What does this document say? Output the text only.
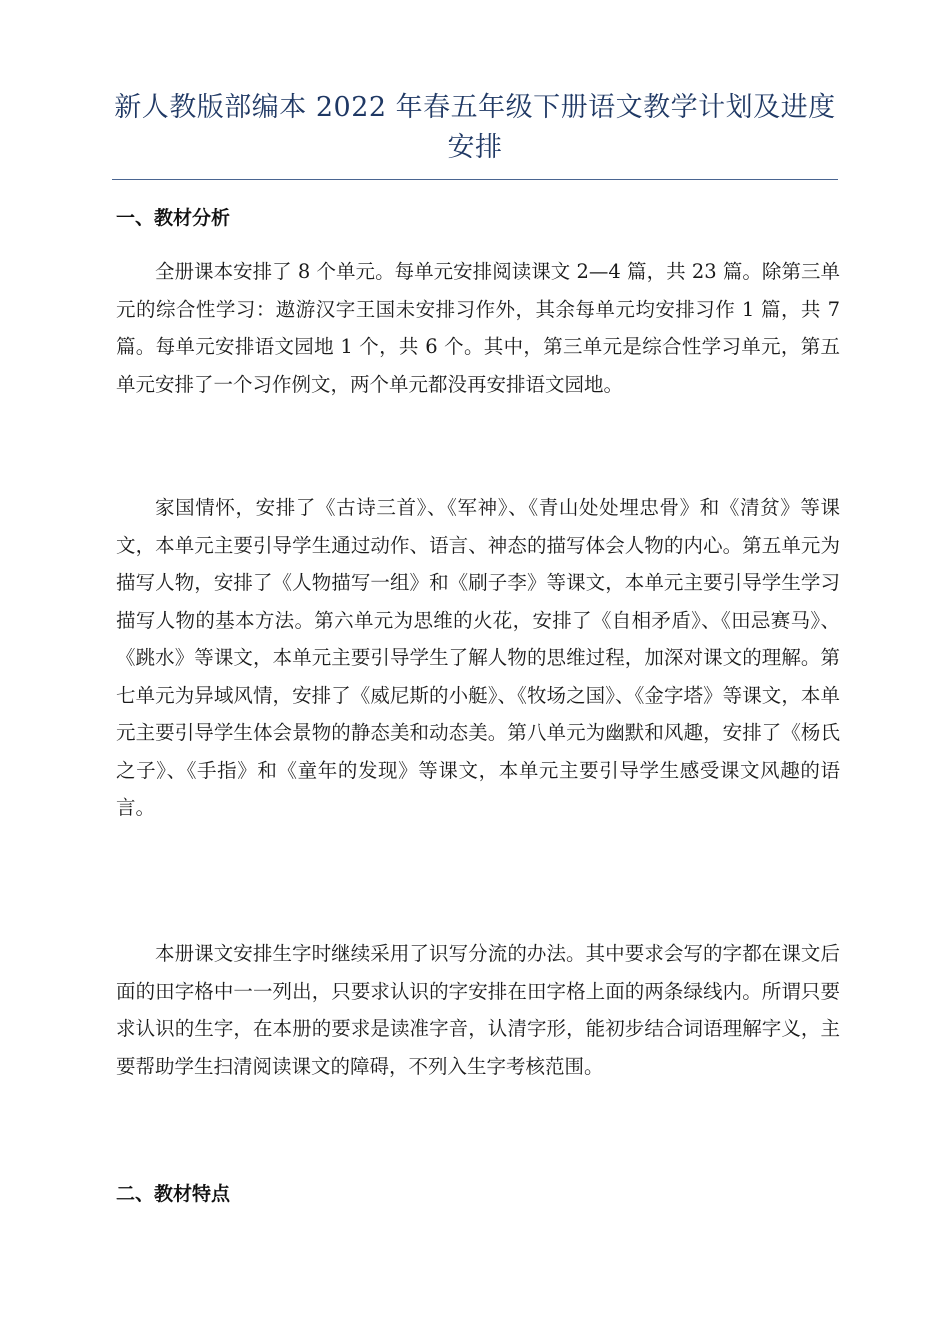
新人教版部编本 2022 年春五年级下册语文教学计划及进度安排
一、教材分析

全册课本安排了 8 个单元。每单元安排阅读课文 2—4 篇，共 23 篇。除第三单元的综合性学习：遨游汉字王国未安排习作外，其余每单元均安排习作 1 篇，共 7 篇。每单元安排语文园地 1 个，共 6 个。其中，第三单元是综合性学习单元，第五单元安排了一个习作例文，两个单元都没再安排语文园地。

家国情怀，安排了《古诗三首》、《军神》、《青山处处埋忠骨》和《清贫》等课文，本单元主要引导学生通过动作、语言、神态的描写体会人物的内心。第五单元为描写人物，安排了《人物描写一组》和《刷子李》等课文，本单元主要引导学生学习描写人物的基本方法。第六单元为思维的火花，安排了《自相矛盾》、《田忌赛马》、《跳水》等课文，本单元主要引导学生了解人物的思维过程，加深对课文的理解。第七单元为异域风情，安排了《威尼斯的小艇》、《牧场之国》、《金字塔》等课文，本单元主要引导学生体会景物的静态美和动态美。第八单元为幽默和风趣，安排了《杨氏之子》、《手指》和《童年的发现》等课文，本单元主要引导学生感受课文风趣的语言。

本册课文安排生字时继续采用了识写分流的办法。其中要求会写的字都在课文后面的田字格中一一列出，只要求认识的字安排在田字格上面的两条绿线内。所谓只要求认识的生字，在本册的要求是读准字音，认清字形，能初步结合词语理解字义，主要帮助学生扫清阅读课文的障碍，不列入生字考核范围。

二、教材特点
